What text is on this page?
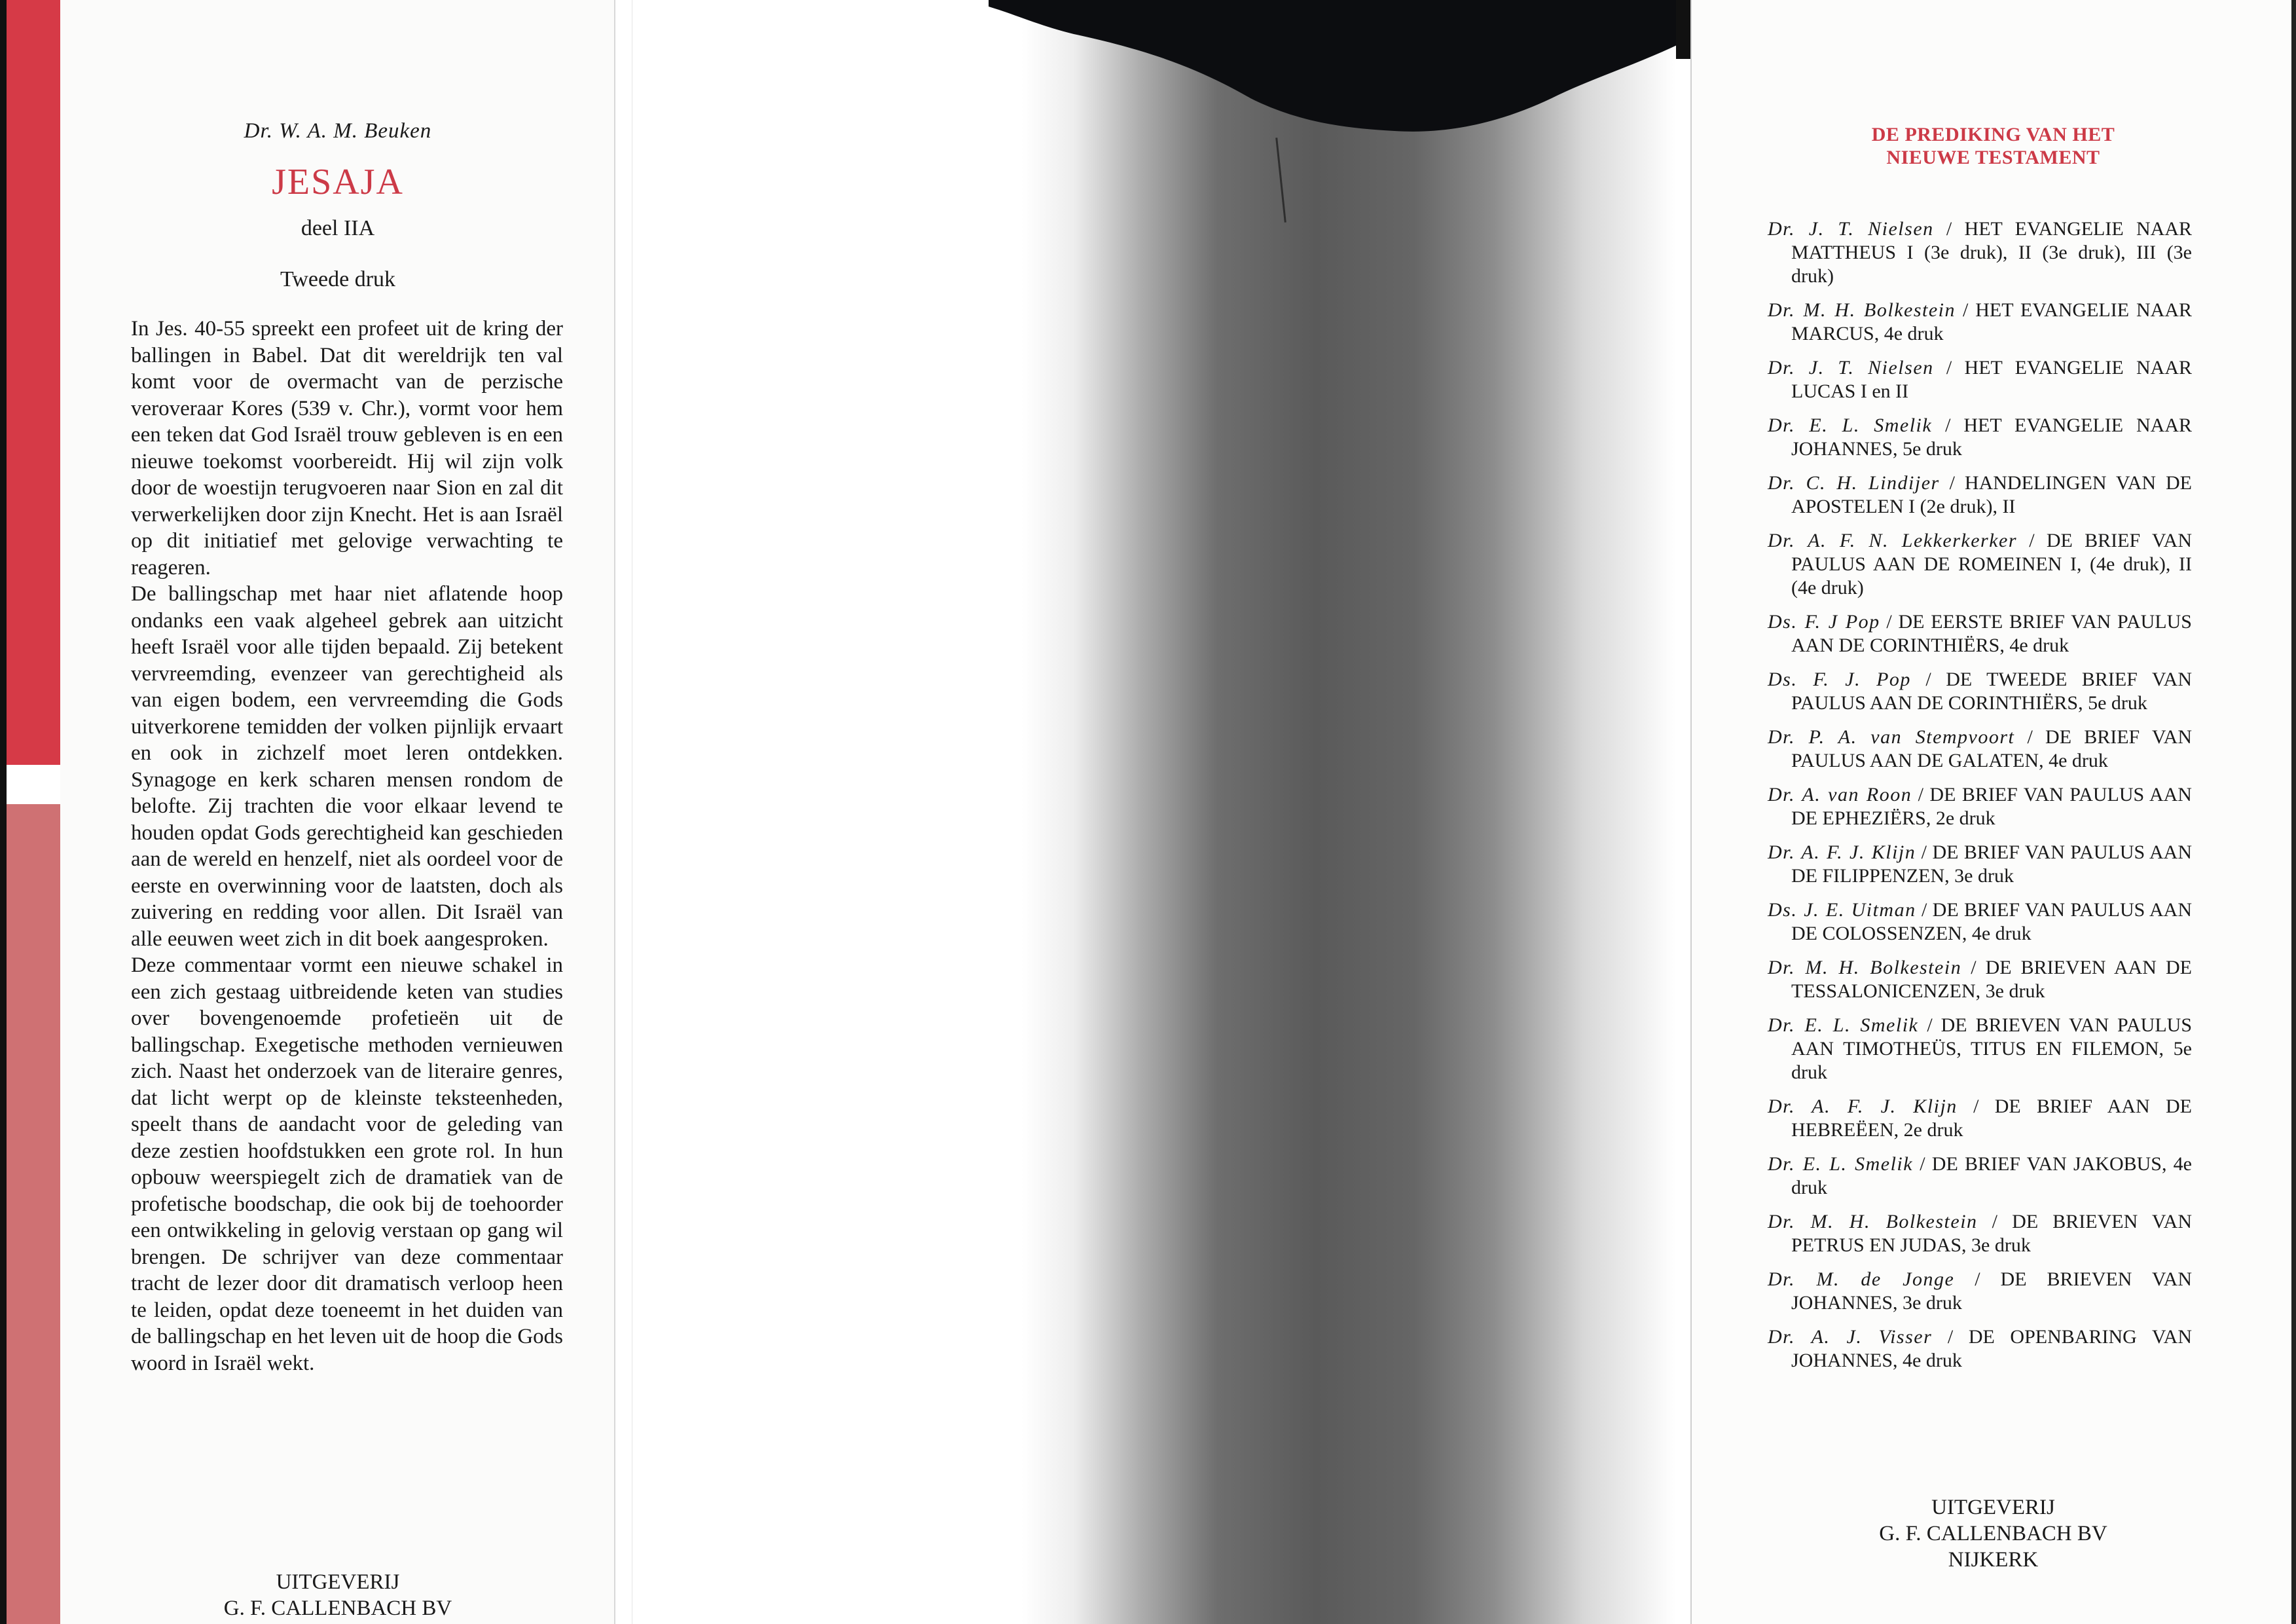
Dr. W. A. M. Beuken
JESAJA
deel IIA
Tweede druk

In Jes. 40-55 spreekt een profeet uit de kring der ballingen in Babel. Dat dit wereldrijk ten val komt voor de overmacht van de perzische veroveraar Kores (539 v. Chr.), vormt voor hem een teken dat God Israël trouw gebleven is en een nieuwe toekomst voorbereidt. Hij wil zijn volk door de woestijn terugvoeren naar Sion en zal dit verwerkelijken door zijn Knecht. Het is aan Israël op dit initiatief met gelovige verwachting te reageren.

De ballingschap met haar niet aflatende hoop ondanks een vaak algeheel gebrek aan uitzicht heeft Israël voor alle tijden bepaald. Zij betekent vervreemding, evenzeer van gerechtigheid als van eigen bodem, een vervreemding die Gods uitverkorene temidden der volken pijnlijk ervaart en ook in zichzelf moet leren ontdekken. Synagoge en kerk scharen mensen rondom de belofte. Zij trachten die voor elkaar levend te houden opdat Gods gerechtigheid kan geschieden aan de wereld en henzelf, niet als oordeel voor de eerste en overwinning voor de laatsten, doch als zuivering en redding voor allen. Dit Israël van alle eeuwen weet zich in dit boek aangesproken.

Deze commentaar vormt een nieuwe schakel in een zich gestaag uitbreidende keten van studies over bovengenoemde profetieën uit de ballingschap. Exegetische methoden vernieuwen zich. Naast het onderzoek van de literaire genres, dat licht werpt op de kleinste teksteenheden, speelt thans de aandacht voor de geleding van deze zestien hoofdstukken een grote rol. In hun opbouw weerspiegelt zich de dramatiek van de profetische boodschap, die ook bij de toehoorder een ontwikkeling in gelovig verstaan op gang wil brengen. De schrijver van deze commentaar tracht de lezer door dit dramatisch verloop heen te leiden, opdat deze toeneemt in het duiden van de ballingschap en het leven uit de hoop die Gods woord in Israël wekt.

UITGEVERIJ
G. F. CALLENBACH BV
DE PREDIKING VAN HET
NIEUWE TESTAMENT
Dr. J. T. Nielsen / HET EVANGELIE NAAR MATTHEUS I (3e druk), II (3e druk), III (3e druk)
Dr. M. H. Bolkestein / HET EVANGELIE NAAR MARCUS, 4e druk
Dr. J. T. Nielsen / HET EVANGELIE NAAR LUCAS I en II
Dr. E. L. Smelik / HET EVANGELIE NAAR JOHANNES, 5e druk
Dr. C. H. Lindijer / HANDELINGEN VAN DE APOSTELEN I (2e druk), II
Dr. A. F. N. Lekkerkerker / DE BRIEF VAN PAULUS AAN DE ROMEINEN I, (4e druk), II (4e druk)
Ds. F. J Pop / DE EERSTE BRIEF VAN PAULUS AAN DE CORINTHIËRS, 4e druk
Ds. F. J. Pop / DE TWEEDE BRIEF VAN PAULUS AAN DE CORINTHIËRS, 5e druk
Dr. P. A. van Stempvoort / DE BRIEF VAN PAULUS AAN DE GALATEN, 4e druk
Dr. A. van Roon / DE BRIEF VAN PAULUS AAN DE EPHEZIËRS, 2e druk
Dr. A. F. J. Klijn / DE BRIEF VAN PAULUS AAN DE FILIPPENZEN, 3e druk
Ds. J. E. Uitman / DE BRIEF VAN PAULUS AAN DE COLOSSENZEN, 4e druk
Dr. M. H. Bolkestein / DE BRIEVEN AAN DE TESSALONICENZEN, 3e druk
Dr. E. L. Smelik / DE BRIEVEN VAN PAULUS AAN TIMOTHEÜS, TITUS EN FILEMON, 5e druk
Dr. A. F. J. Klijn / DE BRIEF AAN DE HEBREËEN, 2e druk
Dr. E. L. Smelik / DE BRIEF VAN JAKOBUS, 4e druk
Dr. M. H. Bolkestein / DE BRIEVEN VAN PETRUS EN JUDAS, 3e druk
Dr. M. de Jonge / DE BRIEVEN VAN JOHANNES, 3e druk
Dr. A. J. Visser / DE OPENBARING VAN JOHANNES, 4e druk
UITGEVERIJ
G. F. CALLENBACH BV
NIJKERK
